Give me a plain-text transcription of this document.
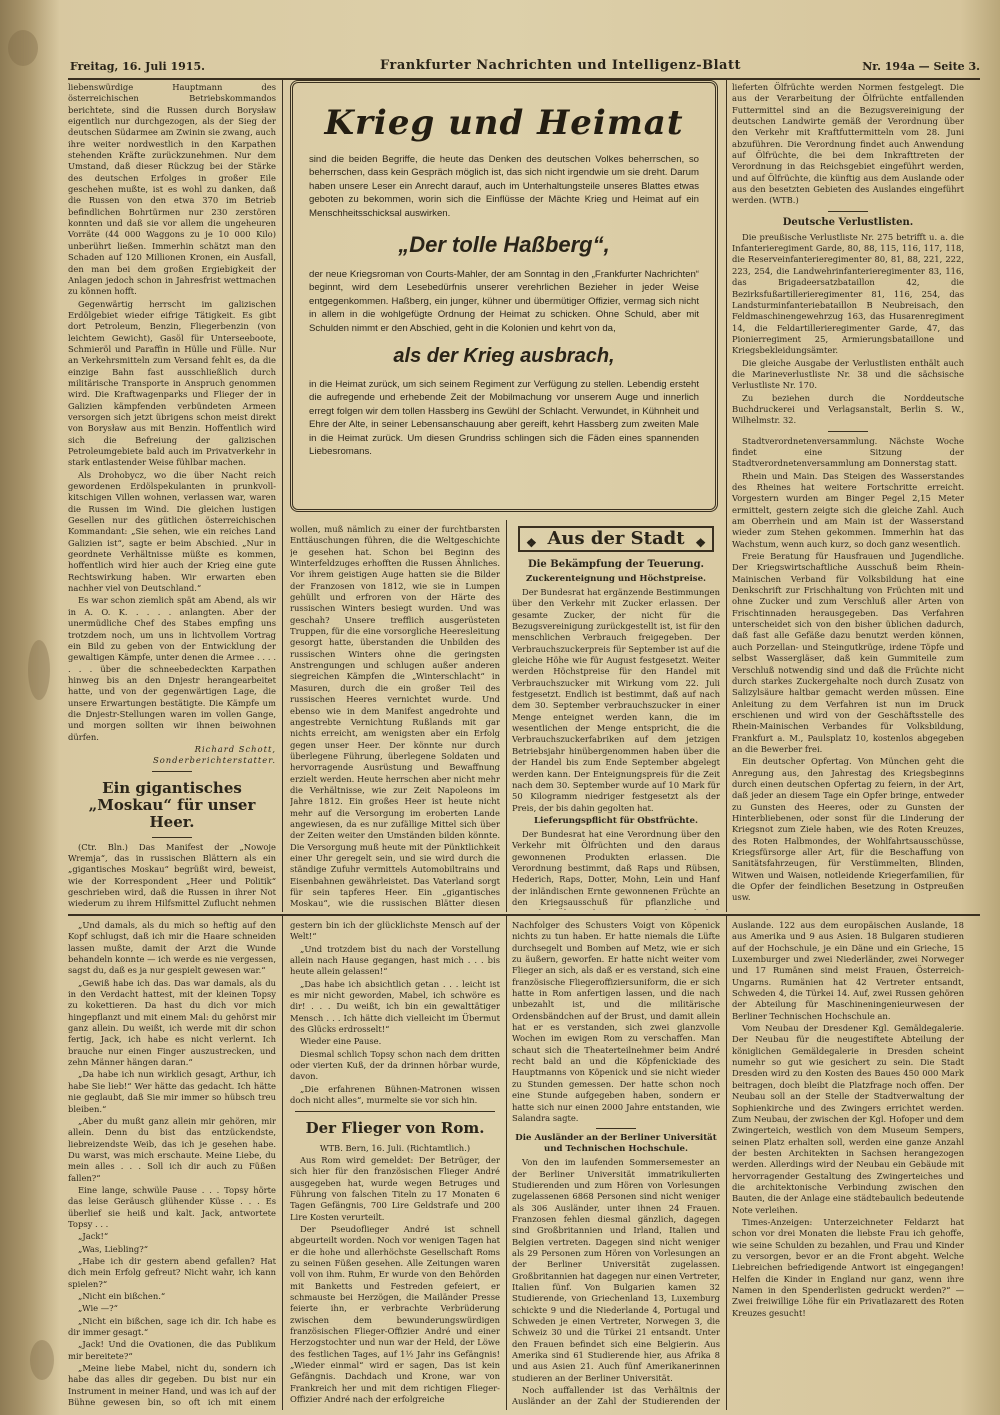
Freitag, 16. Juli 1915.	Frankfurter Nachrichten und Intelligenz-Blatt	Nr. 194a — Seite 3.

liebenswürdige Hauptmann des österreichischen Betriebskommandos berichtete, sind die Russen durch Borysław eigentlich nur durchgezogen, als der Sieg der deutschen Südarmee am Zwinin sie zwang, auch ihre weiter nordwestlich in den Karpathen stehenden Kräfte zurückzunehmen. Nur dem Umstand, daß dieser Rückzug bei der Stärke des deutschen Erfolges in großer Eile geschehen mußte, ist es wohl zu danken, daß die Russen von den etwa 370 im Betrieb befindlichen Bohrtürmen nur 230 zerstören konnten und daß sie vor allem die ungeheuren Vorräte (44 000 Waggons zu je 10 000 Kilo) unberührt ließen. Immerhin schätzt man den Schaden auf 120 Millionen Kronen, ein Ausfall, den man bei dem großen Ergiebigkeit der Anlagen jedoch schon in Jahresfrist wettmachen zu können hofft.

Gegenwärtig herrscht im galizischen Erdölgebiet wieder eifrige Tätigkeit. Es gibt dort Petroleum, Benzin, Fliegerbenzin (von leichtem Gewicht), Gasöl für Unterseeboote, Schmieröl und Paraffin in Hülle und Fülle. Nur an Verkehrsmitteln zum Versand fehlt es, da die einzige Bahn fast ausschließlich durch militärische Transporte in Anspruch genommen wird. Die Kraftwagenparks und Flieger der in Galizien kämpfenden verbündeten Armeen versorgen sich jetzt übrigens schon meist direkt von Borysław aus mit Benzin. Hoffentlich wird sich die Befreiung der galizischen Petroleumgebiete bald auch im Privatverkehr in stark entlastender Weise fühlbar machen.

Als Drohobycz, wo die über Nacht reich gewordenen Erdölspekulanten in prunkvoll-kitschigen Villen wohnen, verlassen war, waren die Russen im Wind. Die gleichen lustigen Gesellen nur des gütlichen österreichischen Kommandant: „Sie sehen, wie ein reiches Land Galizien ist“, sagte er beim Abschied. „Nur in geordnete Verhältnisse müßte es kommen, hoffentlich wird hier auch der Krieg eine gute Rechtswirkung haben. Wir erwarten eben nachher viel von Deutschland.“

Es war schon ziemlich spät am Abend, als wir in A. O. K. . . . . anlangten. Aber der unermüdliche Chef des Stabes empfing uns trotzdem noch, um uns in lichtvollem Vortrag ein Bild zu geben von der Entwicklung der gewaltigen Kämpfe, unter denen die Armee . . . . . . . über die schneebedeckten Karpathen hinweg bis an den Dnjestr herangearbeitet hatte, und von der gegenwärtigen Lage, die unsere Erwartungen bestätigte. Die Kämpfe um die Dnjestr-Stellungen waren im vollen Gange, und morgen sollten wir ihnen beiwohnen dürfen.

Richard Schott, Sonderberichterstatter.

Ein gigantisches „Moskau“ für unser Heer.

(Ctr. Bln.) Das Manifest der „Nowoje Wremja“, das in russischen Blättern als ein „gigantisches Moskau“ begrüßt wird, beweist, wie der Korrespondent „Heer und Politik“ geschrieben wird, daß die Russen in ihrer Not wiederum zu ihrem Hilfsmittel Zuflucht nehmen

Krieg und Heimat
sind die beiden Begriffe, die heute das Denken des deutschen Volkes beherrschen, so beherrschen, dass kein Gespräch möglich ist, das sich nicht irgendwie um sie dreht. Darum haben unsere Leser ein Anrecht darauf, auch im Unterhaltungsteile unseres Blattes etwas geboten zu bekommen, worin sich die Einflüsse der Mächte Krieg und Heimat auf ein Menschheitsschicksal auswirken.
„Der tolle Haßberg“,
der neue Kriegsroman von Courts-Mahler, der am Sonntag in den „Frankfurter Nachrichten“ beginnt, wird dem Lesebedürfnis unserer verehrlichen Bezieher in jeder Weise entgegenkommen. Haßberg, ein junger, kühner und übermütiger Offizier, vermag sich nicht in allem in die wohlgefügte Ordnung der Heimat zu schicken. Ohne Schuld, aber mit Schulden nimmt er den Abschied, geht in die Kolonien und kehrt von da,
als der Krieg ausbrach,
in die Heimat zurück, um sich seinem Regiment zur Verfügung zu stellen. Lebendig ersteht die aufregende und erhebende Zeit der Mobilmachung vor unserem Auge und innerlich erregt folgen wir dem tollen Hassberg ins Gewühl der Schlacht. Verwundet, in Kühnheit und Ehre der Alte, in seiner Lebensanschauung aber gereift, kehrt Hassberg zum zweiten Male in die Heimat zurück. Um diesen Grundriss schlingen sich die Fäden eines spannenden Liebesromans.

wollen, muß nämlich zu einer der furchtbarsten Enttäuschungen führen, die die Weltgeschichte je gesehen hat. Schon bei Beginn des Winterfeldzuges erhofften die Russen Ähnliches. Vor ihrem geistigen Auge hatten sie die Bilder der Franzosen von 1812, wie sie in Lumpen gehüllt und erfroren von der Härte des russischen Winters besiegt wurden. Und was geschah? Unsere trefflich ausgerüsteten Truppen, für die eine vorsorgliche Heeresleitung gesorgt hatte, überstanden die Unbilden des russischen Winters ohne die geringsten Anstrengungen und schlugen außer anderen siegreichen Kämpfen die „Winterschlacht“ in Masuren, durch die ein großer Teil des russischen Heeres vernichtet wurde. Und ebenso wie in dem Manifest angedrohte und angestrebte Vernichtung Rußlands mit gar nichts erreicht, am wenigsten aber ein Erfolg gegen unser Heer. Der könnte nur durch überlegene Führung, überlegene Soldaten und hervorragende Ausrüstung und Bewaffnung erzielt werden. Heute herrschen aber nicht mehr die Verhältnisse, wie zur Zeit Napoleons im Jahre 1812. Ein großes Heer ist heute nicht mehr auf die Versorgung im eroberten Lande angewiesen, da es nur zufällige Mittel sich über der Zeiten weiter den Umständen bilden könnte. Die Versorgung muß heute mit der Pünktlichkeit einer Uhr geregelt sein, und sie wird durch die ständige Zufuhr vermittels Automobiltrains und Eisenbahnen gewährleistet. Das Vaterland sorgt für sein tapferes Heer. Ein „gigantisches Moskau“, wie die russischen Blätter diesen

❖ Aus der Stadt ❖
Die Bekämpfung der Teuerung.
Zuckerenteignung und Höchstpreise.

Der Bundesrat hat ergänzende Bestimmungen über den Verkehr mit Zucker erlassen. Der gesamte Zucker, der nicht für die Bezugsvereinigung zurückgestellt ist, ist für den menschlichen Verbrauch freigegeben. Der Verbrauchszuckerpreis für September ist auf die gleiche Höhe wie für August festgesetzt. Weiter werden Höchstpreise für den Handel mit Verbrauchszucker mit Wirkung vom 22. Juli festgesetzt. Endlich ist bestimmt, daß auf nach dem 30. September verbrauchszucker in einer Menge enteignet werden kann, die im wesentlichen der Menge entspricht, die die Verbrauchszuckerfabriken auf dem jetzigen Betriebsjahr hinübergenommen haben über die der Handel bis zum Ende September abgelegt werden kann. Der Enteignungspreis für die Zeit nach dem 30. September wurde auf 10 Mark für 50 Kilogramm niedriger festgesetzt als der Preis, der bis dahin gegolten hat.

Lieferungspflicht für Obstfrüchte.

Der Bundesrat hat eine Verordnung über den Verkehr mit Ölfrüchten und den daraus gewonnenen Produkten erlassen. Die Verordnung bestimmt, daß Raps und Rübsen, Hederich, Raps, Dotter, Mohn, Lein und Hanf der inländischen Ernte gewonnenen Früchte an den Kriegsausschuß für pflanzliche und

lieferten Ölfrüchte werden Normen festgelegt. Die aus der Verarbeitung der Ölfrüchte entfallenden Futtermittel sind an die Bezugsvereinigung der deutschen Landwirte gemäß der Verordnung über den Verkehr mit Kraftfuttermitteln vom 28. Juni abzuführen. Die Verordnung findet auch Anwendung auf Ölfrüchte, die bei dem Inkrafttreten der Verordnung in das Reichsgebiet eingeführt werden, und auf Ölfrüchte, die künftig aus dem Auslande oder aus den besetzten Gebieten des Auslandes eingeführt werden. (WTB.)

Deutsche Verlustlisten.

Die preußische Verlustliste Nr. 275 betrifft u. a. die Infanterieregiment Garde, 80, 88, 115, 116, 117, 118, die Reserveinfanterieregimenter 80, 81, 88, 221, 222, 223, 254, die Landwehrinfanterieregimenter 83, 116, das Brigadeersatzbataillon 42, die Bezirksfußartillerieregimenter 81, 116, 254, das Landsturminfanteriebataillon B Neubreisach, den Feldmaschinengewehrzug 163, das Husarenregiment 14, die Feldartillerieregimenter Garde, 47, das Pionierregiment 25, Armierungsbataillone und Kriegsbekleidungsämter.

Die gleiche Ausgabe der Verlustlisten enthält auch die Marineverlustliste Nr. 38 und die sächsische Verlustliste Nr. 170.

Zu beziehen durch die Norddeutsche Buchdruckerei und Verlagsanstalt, Berlin S. W., Wilhelmstr. 32.

Stadtverordnetenversammlung. Nächste Woche findet eine Sitzung der Stadtverordnetenversammlung am Donnerstag statt.

Rhein und Main. Das Steigen des Wasserstandes des Rheines hat weitere Fortschritte erreicht. Vorgestern wurden am Binger Pegel 2,15 Meter ermittelt, gestern zeigte sich die gleiche Zahl. Auch am Oberrhein und am Main ist der Wasserstand wieder zum Stehen gekommen. Immerhin hat das Wachstum, wenn auch kurz, so doch ganz wesentlich.

Freie Beratung für Hausfrauen und Jugendliche. Der Kriegswirtschaftliche Ausschuß beim Rhein-Mainischen Verband für Volksbildung hat eine Denkschrift zur Frischhaltung von Früchten mit und ohne Zucker und zum Verschluß aller Arten von Frischtinnaden herausgegeben. Das Verfahren unterscheidet sich von den bisher üblichen dadurch, daß fast alle Gefäße dazu benutzt werden können, auch Porzellan- und Steingutkrüge, irdene Töpfe und selbst Wassergläser, daß kein Gummiteile zum Verschluß notwendig sind und daß die Früchte nicht durch starkes Zuckergehalte noch durch Zusatz von Salizylsäure haltbar gemacht werden müssen. Eine Anleitung zu dem Verfahren ist nun im Druck erschienen und wird von der Geschäftsstelle des Rhein-Mainischen Verbandes für Volksbildung, Frankfurt a. M., Paulsplatz 10, kostenlos abgegeben an die Bewerber frei.

Ein deutscher Opfertag. Von München geht die Anregung aus, den Jahrestag des Kriegsbeginns durch einen deutschen Opfertag zu feiern, in der Art, daß jeder an diesem Tage ein Opfer bringe, entweder zu Gunsten des Heeres, oder zu Gunsten der Hinterbliebenen, oder sonst für die Linderung der Kriegsnot zum Ziele haben, wie des Roten Kreuzes, des Roten Halbmondes, der Wohlfahrtsausschüsse, Kriegsfürsorge aller Art, für die Beschaffung von Sanitätsfahrzeugen, für Verstümmelten, Blinden, Witwen und Waisen, notleidende Kriegerfamilien, für die Opfer der feindlichen Besetzung in Ostpreußen usw.

„Und damals, als du mich so heftig auf den Kopf schlugst, daß ich mir die Haare schneiden lassen mußte, damit der Arzt die Wunde behandeln konnte — ich werde es nie vergessen, sagst du, daß es ja nur gespielt gewesen war.“

„Gewiß habe ich das. Das war damals, als du in den Verdacht hattest, mit der kleinen Topsy zu kokettieren. Da hast du dich vor mich hingepflanzt und mit einem Mal: du gehörst mir ganz allein. Du weißt, ich werde mit dir schon fertig, Jack, ich habe es nicht verlernt. Ich brauche nur einen Finger auszustrecken, und zehn Männer hängen daran.“

„Da habe ich nun wirklich gesagt, Arthur, ich habe Sie lieb!“ Wer hätte das gedacht. Ich hätte nie geglaubt, daß Sie mir immer so hübsch treu bleiben.“

„Aber du mußt ganz allein mir gehören, mir allein. Denn du bist das entzückendste, liebreizendste Weib, das ich je gesehen habe. Du warst, was mich erschaute. Meine Liebe, du mein alles . . . Soll ich dir auch zu Füßen fallen?“

Eine lange, schwüle Pause . . . Topsy hörte das leise Geräusch glühender Küsse . . . Es überlief sie heiß und kalt. Jack, antwortete Topsy . . .

„Jack!“

„Was, Liebling?“

„Habe ich dir gestern abend gefallen? Hat dich mein Erfolg gefreut? Nicht wahr, ich kann spielen?“

„Nicht ein bißchen.“

„Wie —?“

„Nicht ein bißchen, sage ich dir. Ich habe es dir immer gesagt.“

„Jack! Und die Ovationen, die das Publikum mir bereitete?“

„Meine liebe Mabel, nicht du, sondern ich habe das alles dir gegeben. Du bist nur ein Instrument in meiner Hand, und was ich auf der Bühne gewesen bin, so oft ich mit einem

gestern bin ich der glücklichste Mensch auf der Welt!“

„Und trotzdem bist du nach der Vorstellung allein nach Hause gegangen, hast mich . . . bis heute allein gelassen!“

„Das habe ich absichtlich getan . . . leicht ist es mir nicht geworden, Mabel, ich schwöre es dir! . . . Du weißt, ich bin ein gewalttätiger Mensch . . . Ich hätte dich vielleicht im Übermut des Glücks erdrosselt!“

Wieder eine Pause.

Diesmal schlich Topsy schon nach dem dritten oder vierten Kuß, der da drinnen hörbar wurde, davon.

„Die erfahrenen Bühnen-Matronen wissen doch nicht alles“, murmelte sie vor sich hin.

Der Flieger von Rom.

WTB. Bern, 16. Juli. (Richtamtlich.)

Aus Rom wird gemeldet: Der Betrüger, der sich hier für den französischen Flieger André ausgegeben hat, wurde wegen Betruges und Führung von falschen Titeln zu 17 Monaten 6 Tagen Gefängnis, 700 Lire Geldstrafe und 200 Lire Kosten verurteilt.

Der Pseudoflieger André ist schnell abgeurteilt worden. Noch vor wenigen Tagen hat er die hohe und allerhöchste Gesellschaft Roms zu seinen Füßen gesehen. Alle Zeitungen waren voll von ihm. Ruhm, Er wurde von den Behörden mit Banketts und Festreden gefeiert, er schmauste bei Herzögen, die Mailänder Presse feierte ihn, er verbrachte Verbrüderung zwischen dem bewunderungswürdigen französischen Flieger-Offizier André und einer Herzogstochter und nun war der Held, der Löwe des festlichen Tages, auf 1½ Jahr ins Gefängnis! „Wieder einmal“ wird er sagen, Das ist kein Gefängnis. Dachdach und Krone, war von Frankreich her und mit dem richtigen Flieger-Offizier André nach der erfolgreiche

Nachfolger des Schusters Voigt von Köpenick nichts zu tun haben. Er hatte niemals die Lüfte durchsegelt und Bomben auf Metz, wie er sich zu äußern, geworfen. Er hatte nicht weiter vom Flieger an sich, als daß er es verstand, sich eine französische Fliegeroffiziersuniform, die er sich hatte in Rom anfertigen lassen, und die nach unbezahlt ist, und die militärische Ordensbändchen auf der Brust, und damit allein hat er es verstanden, sich zwei glanzvolle Wochen im ewigen Rom zu verschaffen. Man schaut sich die Theaterteilnehmer beim André recht bald an und die Köpfenickiade des Hauptmanns von Köpenick und sie nicht wieder zu Stunden gemessen. Der hatte schon noch eine Stunde aufgegeben haben, sondern er hatte sich nur einen 2000 Jahre entstanden, wie Salandra sagte.

Die Ausländer an der Berliner Universität und Technischen Hochschule.

Von den im laufenden Sommersemester an der Berliner Universität immatrikulierten Studierenden und zum Hören von Vorlesungen zugelassenen 6868 Personen sind nicht weniger als 306 Ausländer, unter ihnen 24 Frauen. Franzosen fehlen diesmal gänzlich, dagegen sind Großbritannien und Irland, Italien und Belgien vertreten. Dagegen sind nicht weniger als 29 Personen zum Hören von Vorlesungen an der Berliner Universität zugelassen. Großbritannien hat dagegen nur einen Vertreter, Italien fünf. Von Bulgarien kamen 32 Studierende, von Griechenland 13, Luxemburg schickte 9 und die Niederlande 4, Portugal und Schweden je einen Vertreter, Norwegen 3, die Schweiz 30 und die Türkei 21 entsandt. Unter den Frauen befindet sich eine Belgierin. Aus Amerika sind 61 Studierende hier, aus Afrika 8 und aus Asien 21. Auch fünf Amerikanerinnen studieren an der Berliner Universität.

Noch auffallender ist das Verhältnis der Ausländer an der Zahl der Studierenden der

Auslande. 122 aus dem europäischen Auslande, 18 aus Amerika und 9 aus Asien. 18 Bulgaren studieren auf der Hochschule, je ein Däne und ein Grieche, 15 Luxemburger und zwei Niederländer, zwei Norweger und 17 Rumänen sind meist Frauen, Österreich-Ungarns. Rumänien hat 42 Vertreter entsandt, Schweden 4, die Türkei 14. Auf, zwei Russen gehören der Abteilung für Maschineningenieurwesen der Berliner Technischen Hochschule an.

Vom Neubau der Dresdener Kgl. Gemäldegalerie. Der Neubau für die neugestiftete Abteilung der königlichen Gemäldegalerie in Dresden scheint numehr so gut wie gesichert zu sein. Die Stadt Dresden wird zu den Kosten des Baues 450 000 Mark beitragen, doch bleibt die Platzfrage noch offen. Der Neubau soll an der Stelle der Stadtverwaltung der Sophienkirche und des Zwingers errichtet werden. Zum Neubau, der zwischen der Kgl. Hofoper und dem Zwingerteich, westlich von dem Museum Sempers, seinen Platz erhalten soll, werden eine ganze Anzahl der besten Architekten in Sachsen herangezogen werden. Allerdings wird der Neubau ein Gebäude mit hervorragender Gestaltung des Zwingerteiches und die architektonische Verbindung zwischen den Bauten, die der Anlage eine städtebaulich bedeutende Note verleihen.

Times-Anzeigen: Unterzeichneter Feldarzt hat schon vor drei Monaten die liebste Frau ich gehoffe, wie seine Schulden zu bezahlen, und Frau und Kinder zu versorgen, bevor er an die Front abgeht. Welche Liebreichen befriedigende Antwort ist eingegangen! Helfen die Kinder in England nur ganz, wenn ihre Namen in den Spenderlisten gedruckt werden?“ — Zwei freiwillige Löhe für ein Privatlazarett des Roten Kreuzes gesucht!
